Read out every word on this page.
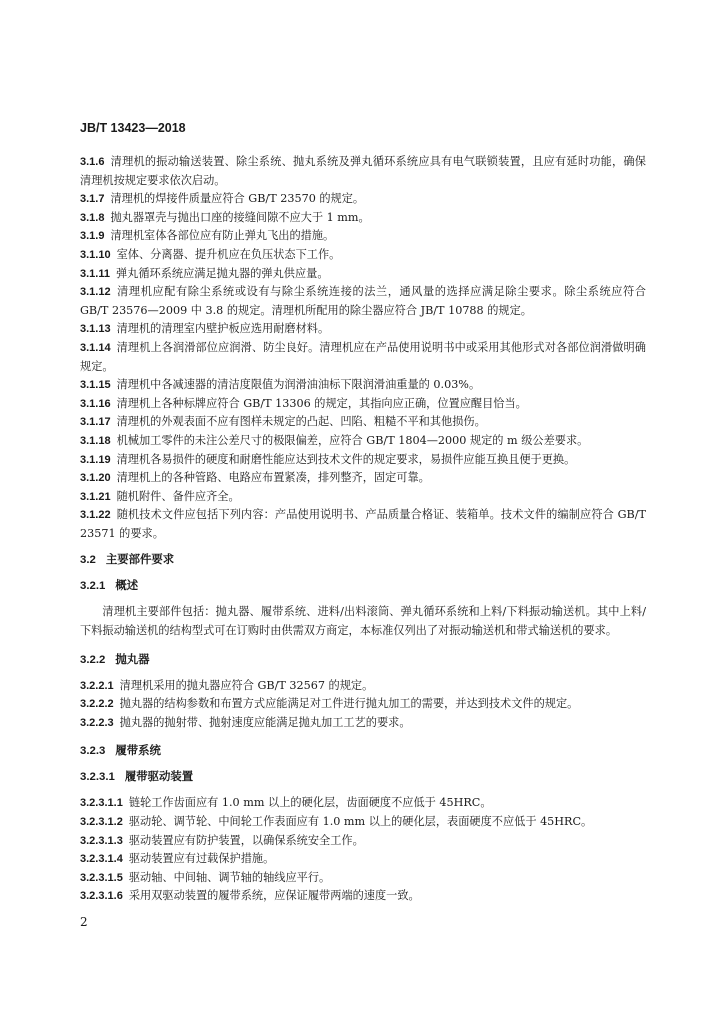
JB/T 13423—2018

3.1.6 清理机的振动输送装置、除尘系统、抛丸系统及弹丸循环系统应具有电气联锁装置，且应有延时功能，确保清理机按规定要求依次启动。

3.1.7 清理机的焊接件质量应符合 GB/T 23570 的规定。

3.1.8 抛丸器罩壳与抛出口座的接缝间隙不应大于 1 mm。

3.1.9 清理机室体各部位应有防止弹丸飞出的措施。

3.1.10 室体、分离器、提升机应在负压状态下工作。

3.1.11 弹丸循环系统应满足抛丸器的弹丸供应量。

3.1.12 清理机应配有除尘系统或设有与除尘系统连接的法兰，通风量的选择应满足除尘要求。除尘系统应符合 GB/T 23576—2009 中 3.8 的规定。清理机所配用的除尘器应符合 JB/T 10788 的规定。

3.1.13 清理机的清理室内壁护板应选用耐磨材料。

3.1.14 清理机上各润滑部位应润滑、防尘良好。清理机应在产品使用说明书中或采用其他形式对各部位润滑做明确规定。

3.1.15 清理机中各减速器的清洁度限值为润滑油油标下限润滑油重量的 0.03%。

3.1.16 清理机上各种标牌应符合 GB/T 13306 的规定，其指向应正确，位置应醒目恰当。

3.1.17 清理机的外观表面不应有图样未规定的凸起、凹陷、粗糙不平和其他损伤。

3.1.18 机械加工零件的未注公差尺寸的极限偏差，应符合 GB/T 1804—2000 规定的 m 级公差要求。

3.1.19 清理机各易损件的硬度和耐磨性能应达到技术文件的规定要求，易损件应能互换且便于更换。

3.1.20 清理机上的各种管路、电路应布置紧凑，排列整齐，固定可靠。

3.1.21 随机附件、备件应齐全。

3.1.22 随机技术文件应包括下列内容：产品使用说明书、产品质量合格证、装箱单。技术文件的编制应符合 GB/T 23571 的要求。

3.2 主要部件要求
3.2.1 概述

清理机主要部件包括：抛丸器、履带系统、进料/出料滚筒、弹丸循环系统和上料/下料振动输送机。其中上料/下料振动输送机的结构型式可在订购时由供需双方商定，本标准仅列出了对振动输送机和带式输送机的要求。

3.2.2 抛丸器

3.2.2.1 清理机采用的抛丸器应符合 GB/T 32567 的规定。

3.2.2.2 抛丸器的结构参数和布置方式应能满足对工件进行抛丸加工的需要，并达到技术文件的规定。

3.2.2.3 抛丸器的抛射带、抛射速度应能满足抛丸加工工艺的要求。

3.2.3 履带系统
3.2.3.1 履带驱动装置

3.2.3.1.1 链轮工作齿面应有 1.0 mm 以上的硬化层，齿面硬度不应低于 45HRC。

3.2.3.1.2 驱动轮、调节轮、中间轮工作表面应有 1.0 mm 以上的硬化层，表面硬度不应低于 45HRC。

3.2.3.1.3 驱动装置应有防护装置，以确保系统安全工作。

3.2.3.1.4 驱动装置应有过载保护措施。

3.2.3.1.5 驱动轴、中间轴、调节轴的轴线应平行。

3.2.3.1.6 采用双驱动装置的履带系统，应保证履带两端的速度一致。

2
